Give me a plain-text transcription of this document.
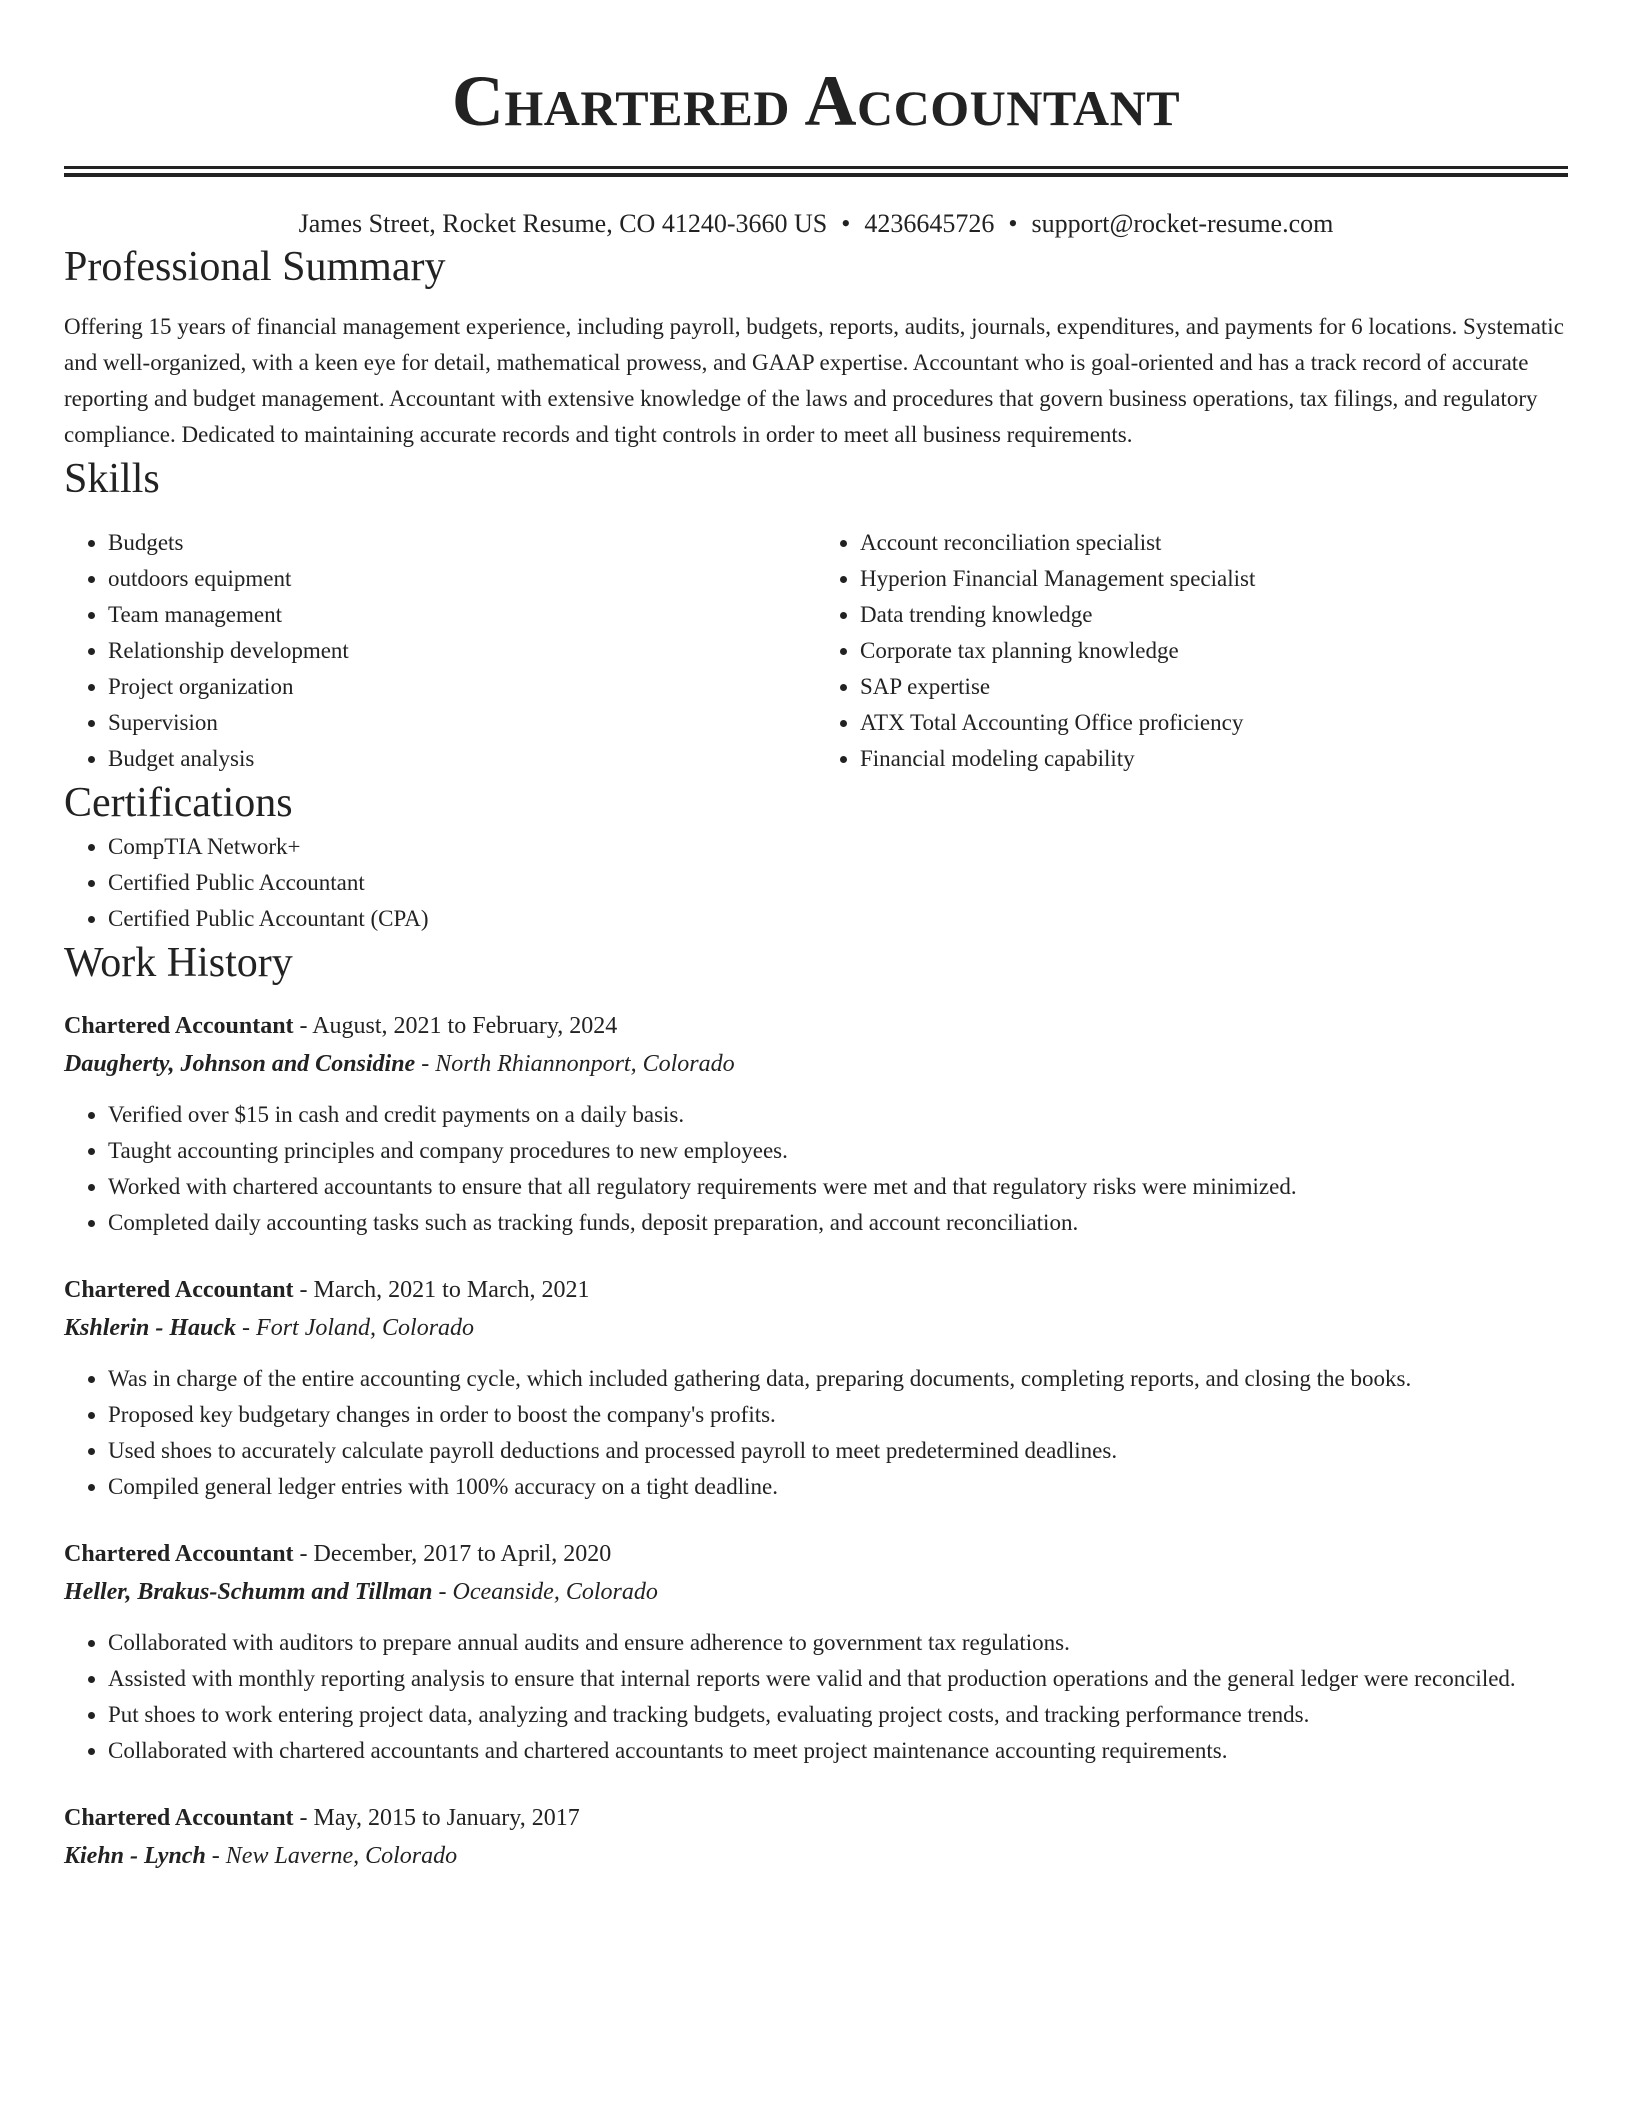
Chartered Accountant
James Street, Rocket Resume, CO 41240-3660 US • 4236645726 • support@rocket-resume.com
Professional Summary
Offering 15 years of financial management experience, including payroll, budgets, reports, audits, journals, expenditures, and payments for 6 locations. Systematic and well-organized, with a keen eye for detail, mathematical prowess, and GAAP expertise. Accountant who is goal-oriented and has a track record of accurate reporting and budget management. Accountant with extensive knowledge of the laws and procedures that govern business operations, tax filings, and regulatory compliance. Dedicated to maintaining accurate records and tight controls in order to meet all business requirements.
Skills
• Budgets
• outdoors equipment
• Team management
• Relationship development
• Project organization
• Supervision
• Budget analysis
• Account reconciliation specialist
• Hyperion Financial Management specialist
• Data trending knowledge
• Corporate tax planning knowledge
• SAP expertise
• ATX Total Accounting Office proficiency
• Financial modeling capability
Certifications
• CompTIA Network+
• Certified Public Accountant
• Certified Public Accountant (CPA)
Work History
Chartered Accountant - August, 2021 to February, 2024
Daugherty, Johnson and Considine - North Rhiannonport, Colorado
• Verified over $15 in cash and credit payments on a daily basis.
• Taught accounting principles and company procedures to new employees.
• Worked with chartered accountants to ensure that all regulatory requirements were met and that regulatory risks were minimized.
• Completed daily accounting tasks such as tracking funds, deposit preparation, and account reconciliation.
Chartered Accountant - March, 2021 to March, 2021
Kshlerin - Hauck - Fort Joland, Colorado
• Was in charge of the entire accounting cycle, which included gathering data, preparing documents, completing reports, and closing the books.
• Proposed key budgetary changes in order to boost the company's profits.
• Used shoes to accurately calculate payroll deductions and processed payroll to meet predetermined deadlines.
• Compiled general ledger entries with 100% accuracy on a tight deadline.
Chartered Accountant - December, 2017 to April, 2020
Heller, Brakus-Schumm and Tillman - Oceanside, Colorado
• Collaborated with auditors to prepare annual audits and ensure adherence to government tax regulations.
• Assisted with monthly reporting analysis to ensure that internal reports were valid and that production operations and the general ledger were reconciled.
• Put shoes to work entering project data, analyzing and tracking budgets, evaluating project costs, and tracking performance trends.
• Collaborated with chartered accountants and chartered accountants to meet project maintenance accounting requirements.
Chartered Accountant - May, 2015 to January, 2017
Kiehn - Lynch - New Laverne, Colorado
